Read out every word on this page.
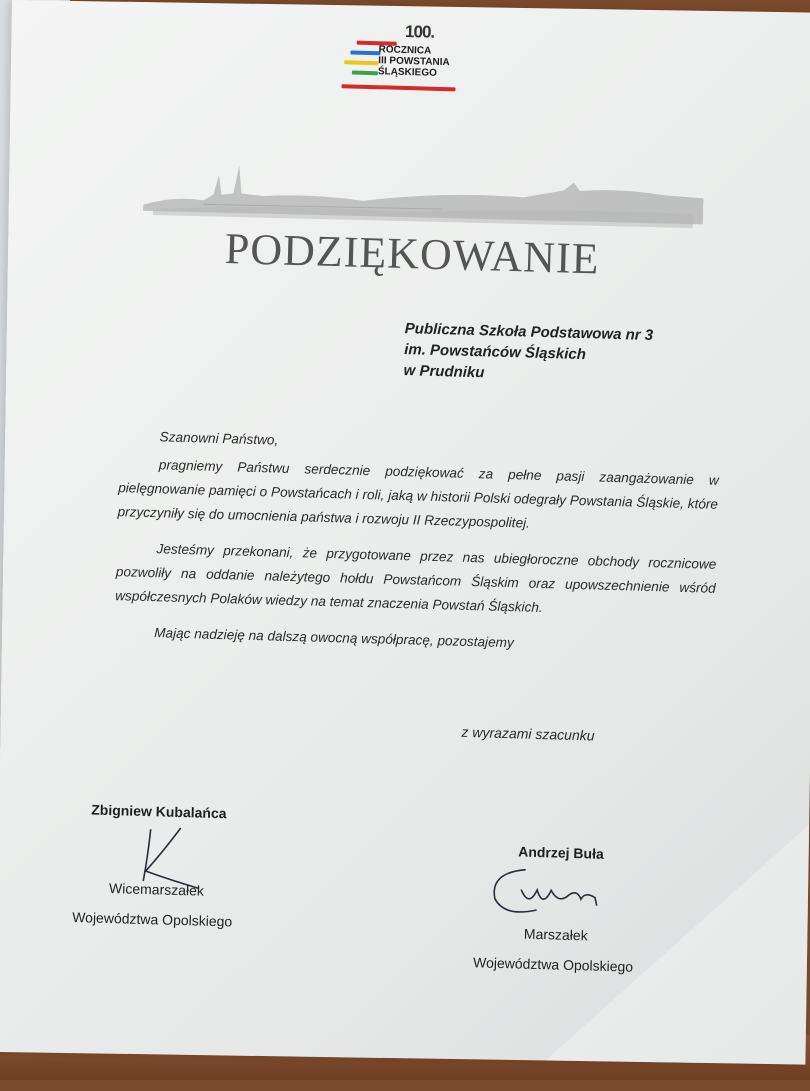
100.
ROCZNICA
III POWSTANIA
ŚLĄSKIEGO
PODZIĘKOWANIE
Publiczna Szkoła Podstawowa nr 3
im. Powstańców Śląskich
w Prudniku

Szanowni Państwo,

pragniemy Państwu serdecznie podziękować za pełne pasji zaangażowanie w pielęgnowanie pamięci o Powstańcach i roli, jaką w historii Polski odegrały Powstania Śląskie, które przyczyniły się do umocnienia państwa i rozwoju II Rzeczypospolitej.

Jesteśmy przekonani, że przygotowane przez nas ubiegłoroczne obchody rocznicowe pozwoliły na oddanie należytego hołdu Powstańcom Śląskim oraz upowszechnienie wśród współczesnych Polaków wiedzy na temat znaczenia Powstań Śląskich.

Mając nadzieję na dalszą owocną współpracę, pozostajemy

z wyrazami szacunku
Zbigniew Kubalańca
Wicemarszałek
Województwa Opolskiego
Andrzej Buła
Marszałek
Województwa Opolskiego
